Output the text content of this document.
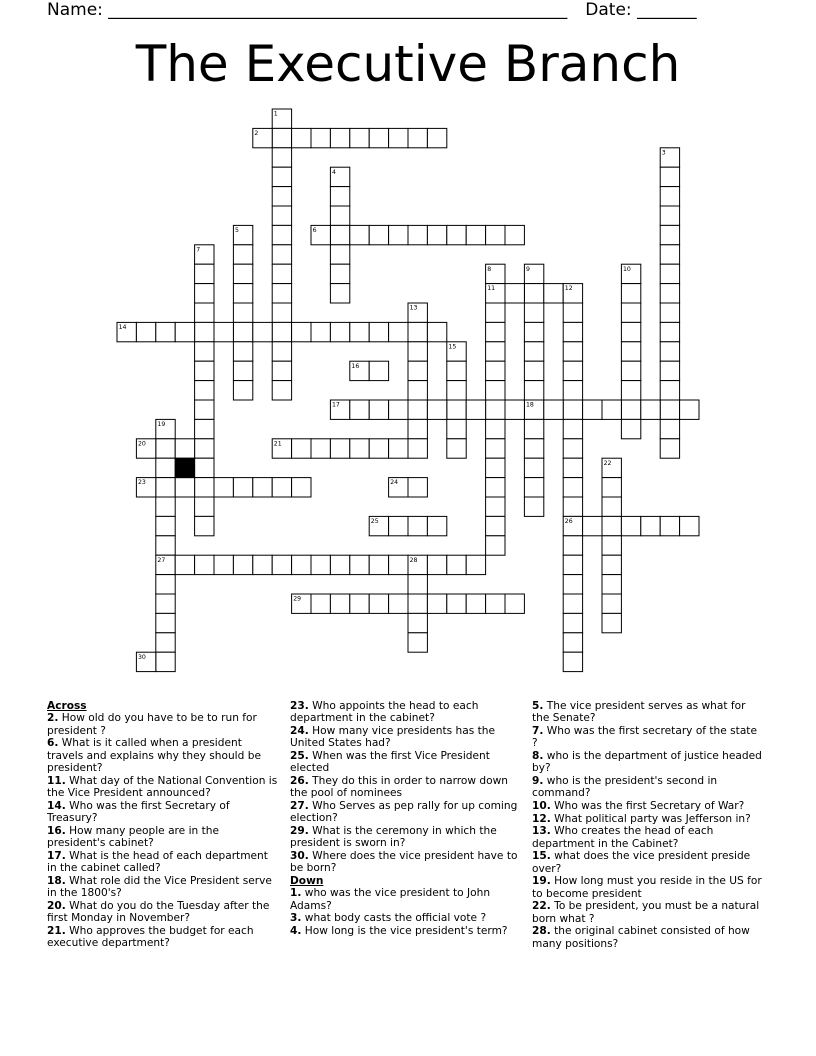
Name: ______________________________________________________ Date: _______
The Executive Branch
1
2
3
4
5	6
7
8	9	10
11	12
13
14
15
16
17	18
19
20	21
22
23	24
25	26
27	28
29
30
Across
2. How old do you have to be to run for president ?
6. What is it called when a president travels and explains why they should be president?
11. What day of the National Convention is the Vice President announced?
14. Who was the first Secretary of Treasury?
16. How many people are in the president's cabinet?
17. What is the head of each department in the cabinet called?
18. What role did the Vice President serve in the 1800's?
20. What do you do the Tuesday after the first Monday in November?
21. Who approves the budget for each executive department?
23. Who appoints the head to each department in the cabinet?
24. How many vice presidents has the United States had?
25. When was the first Vice President elected
26. They do this in order to narrow down the pool of nominees
27. Who Serves as pep rally for up coming election?
29. What is the ceremony in which the president is sworn in?
30. Where does the vice president have to be born?
Down
1. who was the vice president to John Adams?
3. what body casts the official vote ?
4. How long is the vice president's term?
5. The vice president serves as what for the Senate?
7. Who was the first secretary of the state ?
8. who is the department of justice headed by?
9. who is the president's second in command?
10. Who was the first Secretary of War?
12. What political party was Jefferson in?
13. Who creates the head of each department in the Cabinet?
15. what does the vice president preside over?
19. How long must you reside in the US for to become president
22. To be president, you must be a natural born what ?
28. the original cabinet consisted of how many positions?
